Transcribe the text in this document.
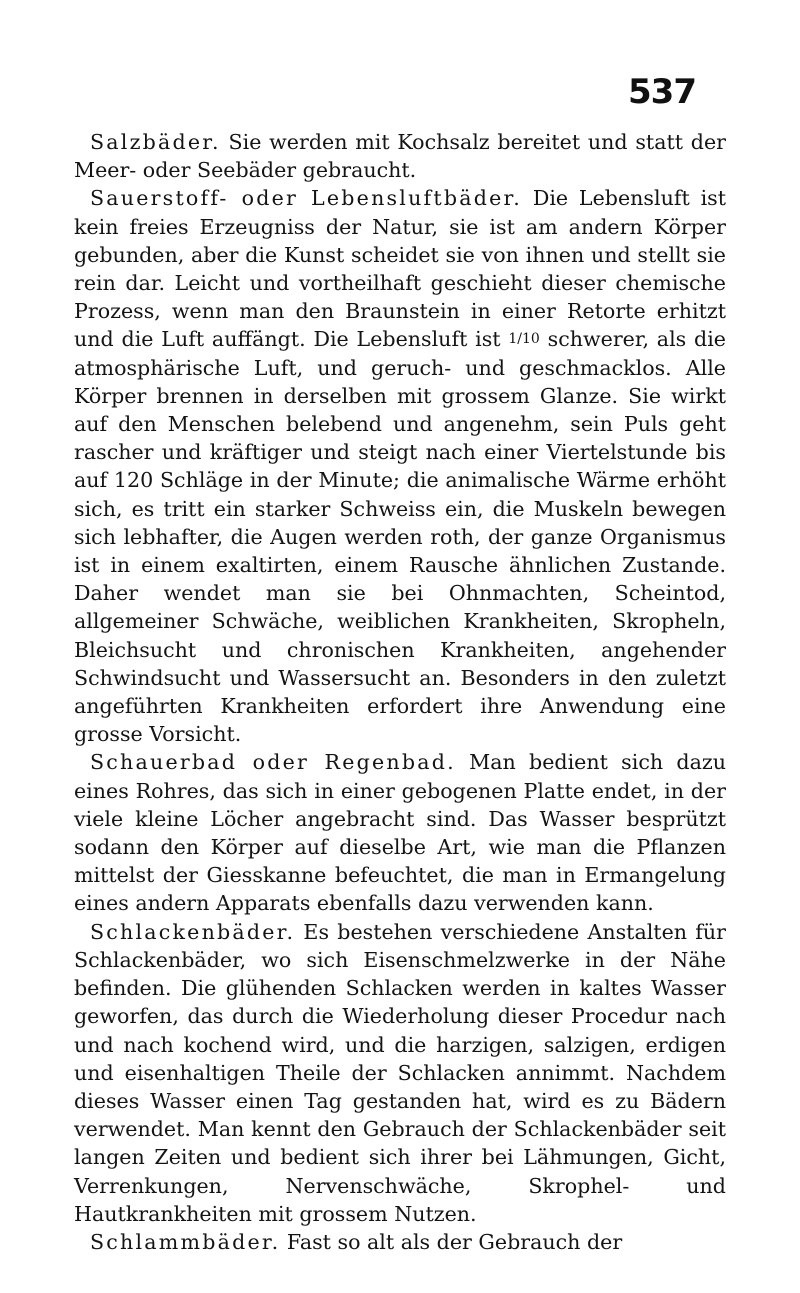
537

Salzbäder. Sie werden mit Kochsalz bereitet und statt der Meer- oder Seebäder gebraucht.

Sauerstoff- oder Lebensluftbäder. Die Lebensluft ist kein freies Erzeugniss der Natur, sie ist am andern Körper gebunden, aber die Kunst scheidet sie von ihnen und stellt sie rein dar. Leicht und vortheilhaft geschieht dieser chemische Prozess, wenn man den Braunstein in einer Retorte erhitzt und die Luft auffängt. Die Lebensluft ist 1/10 schwerer, als die atmosphärische Luft, und geruch- und geschmacklos. Alle Körper brennen in derselben mit grossem Glanze. Sie wirkt auf den Menschen belebend und angenehm, sein Puls geht rascher und kräftiger und steigt nach einer Viertelstunde bis auf 120 Schläge in der Minute; die animalische Wärme erhöht sich, es tritt ein starker Schweiss ein, die Muskeln bewegen sich lebhafter, die Augen werden roth, der ganze Organismus ist in einem exaltirten, einem Rausche ähnlichen Zustande. Daher wendet man sie bei Ohnmachten, Scheintod, allgemeiner Schwäche, weiblichen Krankheiten, Skropheln, Bleichsucht und chronischen Krankheiten, angehender Schwindsucht und Wassersucht an. Besonders in den zuletzt angeführten Krankheiten erfordert ihre Anwendung eine grosse Vorsicht.

Schauerbad oder Regenbad. Man bedient sich dazu eines Rohres, das sich in einer gebogenen Platte endet, in der viele kleine Löcher angebracht sind. Das Wasser besprützt sodann den Körper auf dieselbe Art, wie man die Pflanzen mittelst der Giesskanne befeuchtet, die man in Ermangelung eines andern Apparats ebenfalls dazu verwenden kann.

Schlackenbäder. Es bestehen verschiedene Anstalten für Schlackenbäder, wo sich Eisenschmelzwerke in der Nähe befinden. Die glühenden Schlacken werden in kaltes Wasser geworfen, das durch die Wiederholung dieser Procedur nach und nach kochend wird, und die harzigen, salzigen, erdigen und eisenhaltigen Theile der Schlacken annimmt. Nachdem dieses Wasser einen Tag gestanden hat, wird es zu Bädern verwendet. Man kennt den Gebrauch der Schlackenbäder seit langen Zeiten und bedient sich ihrer bei Lähmungen, Gicht, Verrenkungen, Nervenschwäche, Skrophel- und Hautkrankheiten mit grossem Nutzen.

Schlammbäder. Fast so alt als der Gebrauch der
